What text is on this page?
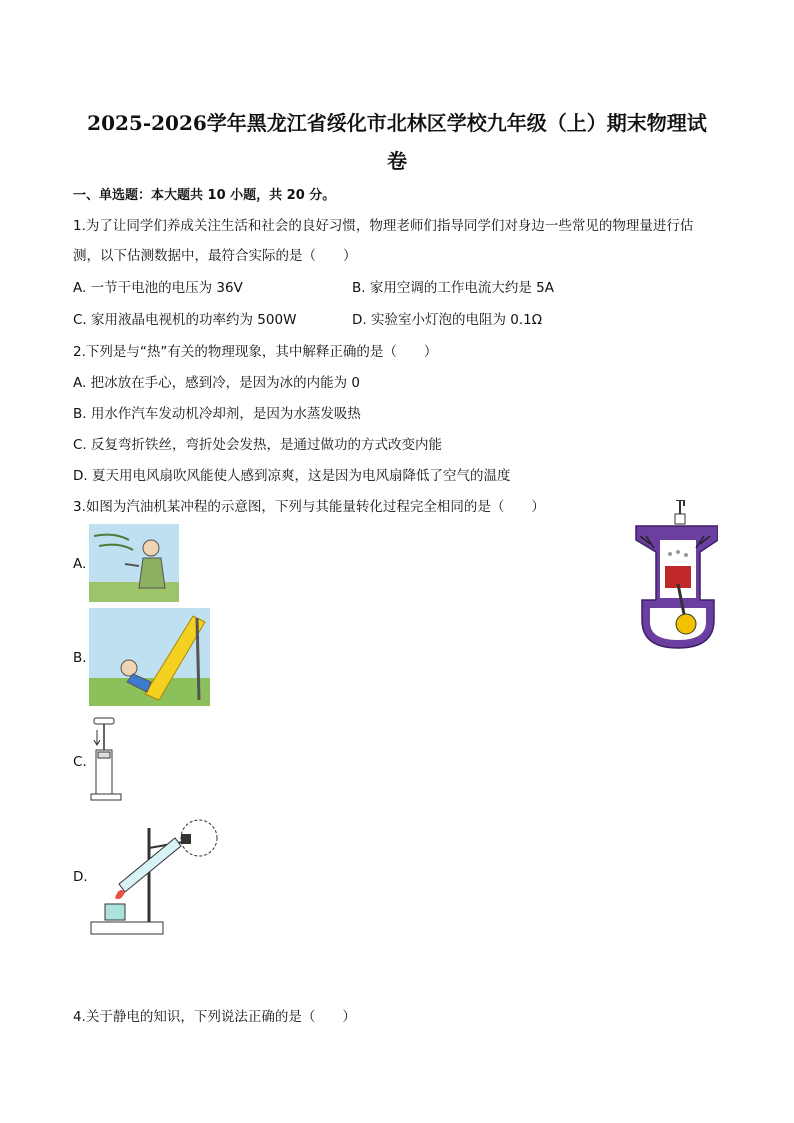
2025-2026学年黑龙江省绥化市北林区学校九年级（上）期末物理试
卷
一、单选题：本大题共 10 小题，共 20 分。
1.为了让同学们养成关注生活和社会的良好习惯，物理老师们指导同学们对身边一些常见的物理量进行估
测，以下估测数据中，最符合实际的是（　　）
A. 一节干电池的电压为 36V	B. 家用空调的工作电流大约是 5A
C. 家用液晶电视机的功率约为 500W	D. 实验室小灯泡的电阻为 0.1Ω
2.下列是与“热”有关的物理现象，其中解释正确的是（　　）
A. 把冰放在手心，感到冷，是因为冰的内能为 0
B. 用水作汽车发动机冷却剂，是因为水蒸发吸热
C. 反复弯折铁丝，弯折处会发热，是通过做功的方式改变内能
D. 夏天用电风扇吹风能使人感到凉爽，这是因为电风扇降低了空气的温度
3.如图为汽油机某冲程的示意图，下列与其能量转化过程完全相同的是（　　）
A.
B.
C.
D.
4.关于静电的知识，下列说法正确的是（　　）
